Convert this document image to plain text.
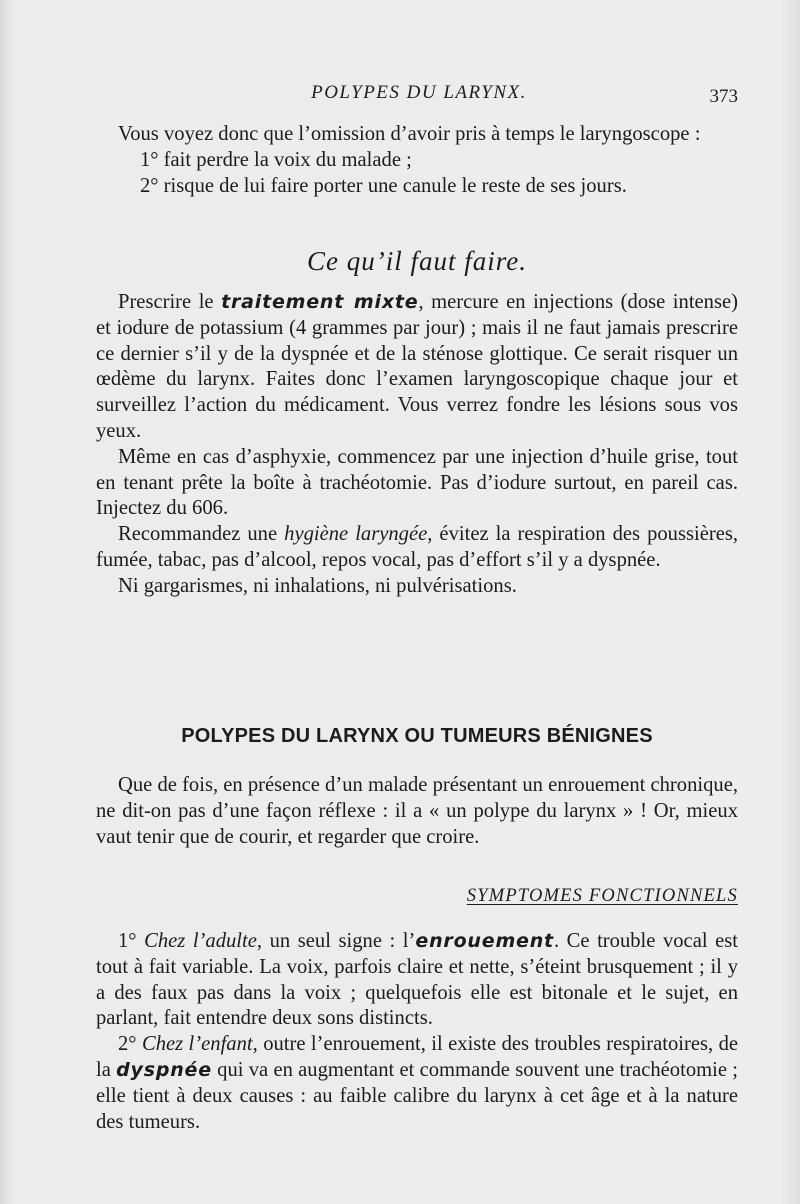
POLYPES DU LARYNX.	373

Vous voyez donc que l’omission d’avoir pris à temps le laryngoscope :

1° fait perdre la voix du malade ;

2° risque de lui faire porter une canule le reste de ses jours.

Ce qu’il faut faire.

Prescrire le traitement mixte, mercure en injections (dose intense) et iodure de potassium (4 grammes par jour) ; mais il ne faut jamais prescrire ce dernier s’il y de la dyspnée et de la sténose glottique. Ce serait risquer un œdème du larynx. Faites donc l’examen laryngoscopique chaque jour et surveillez l’action du médicament. Vous verrez fondre les lésions sous vos yeux.

Même en cas d’asphyxie, commencez par une injection d’huile grise, tout en tenant prête la boîte à trachéotomie. Pas d’iodure surtout, en pareil cas. Injectez du 606.

Recommandez une hygiène laryngée, évitez la respiration des poussières, fumée, tabac, pas d’alcool, repos vocal, pas d’effort s’il y a dyspnée.

Ni gargarismes, ni inhalations, ni pulvérisations.

POLYPES DU LARYNX OU TUMEURS BÉNIGNES

Que de fois, en présence d’un malade présentant un enrouement chronique, ne dit-on pas d’une façon réflexe : il a « un polype du larynx » ! Or, mieux vaut tenir que de courir, et regarder que croire.

SYMPTOMES FONCTIONNELS

1° Chez l’adulte, un seul signe : l’enrouement. Ce trouble vocal est tout à fait variable. La voix, parfois claire et nette, s’éteint brusquement ; il y a des faux pas dans la voix ; quelquefois elle est bitonale et le sujet, en parlant, fait entendre deux sons distincts.

2° Chez l’enfant, outre l’enrouement, il existe des troubles respiratoires, de la dyspnée qui va en augmentant et commande souvent une trachéotomie ; elle tient à deux causes : au faible calibre du larynx à cet âge et à la nature des tumeurs.
